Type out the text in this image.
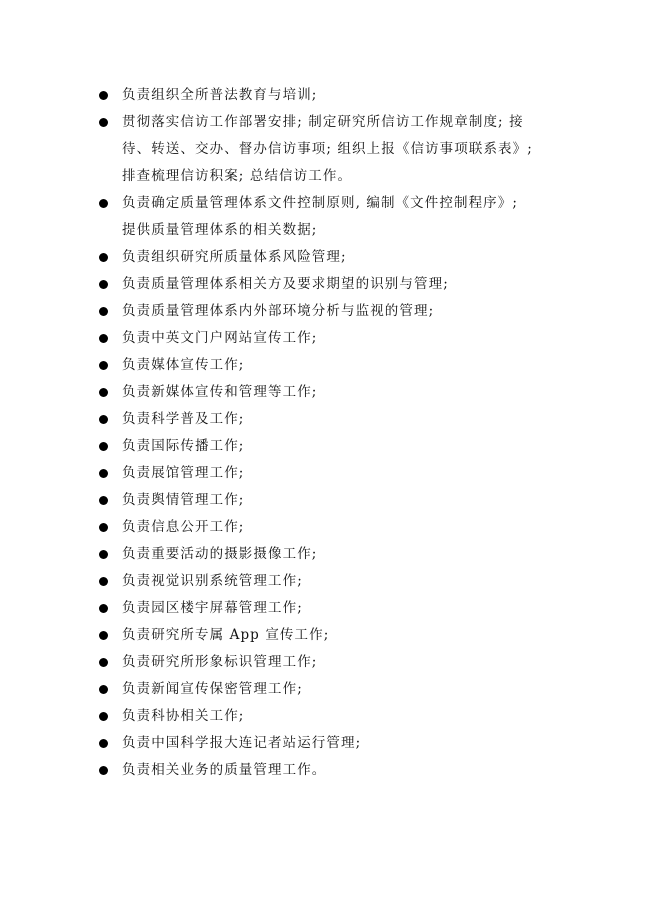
负责组织全所普法教育与培训;
贯彻落实信访工作部署安排; 制定研究所信访工作规章制度; 接
待、转送、交办、督办信访事项; 组织上报《信访事项联系表》;
排查梳理信访积案; 总结信访工作。
负责确定质量管理体系文件控制原则, 编制《文件控制程序》;
提供质量管理体系的相关数据;
负责组织研究所质量体系风险管理;
负责质量管理体系相关方及要求期望的识别与管理;
负责质量管理体系内外部环境分析与监视的管理;
负责中英文门户网站宣传工作;
负责媒体宣传工作;
负责新媒体宣传和管理等工作;
负责科学普及工作;
负责国际传播工作;
负责展馆管理工作;
负责舆情管理工作;
负责信息公开工作;
负责重要活动的摄影摄像工作;
负责视觉识别系统管理工作;
负责园区楼宇屏幕管理工作;
负责研究所专属 App 宣传工作;
负责研究所形象标识管理工作;
负责新闻宣传保密管理工作;
负责科协相关工作;
负责中国科学报大连记者站运行管理;
负责相关业务的质量管理工作。
